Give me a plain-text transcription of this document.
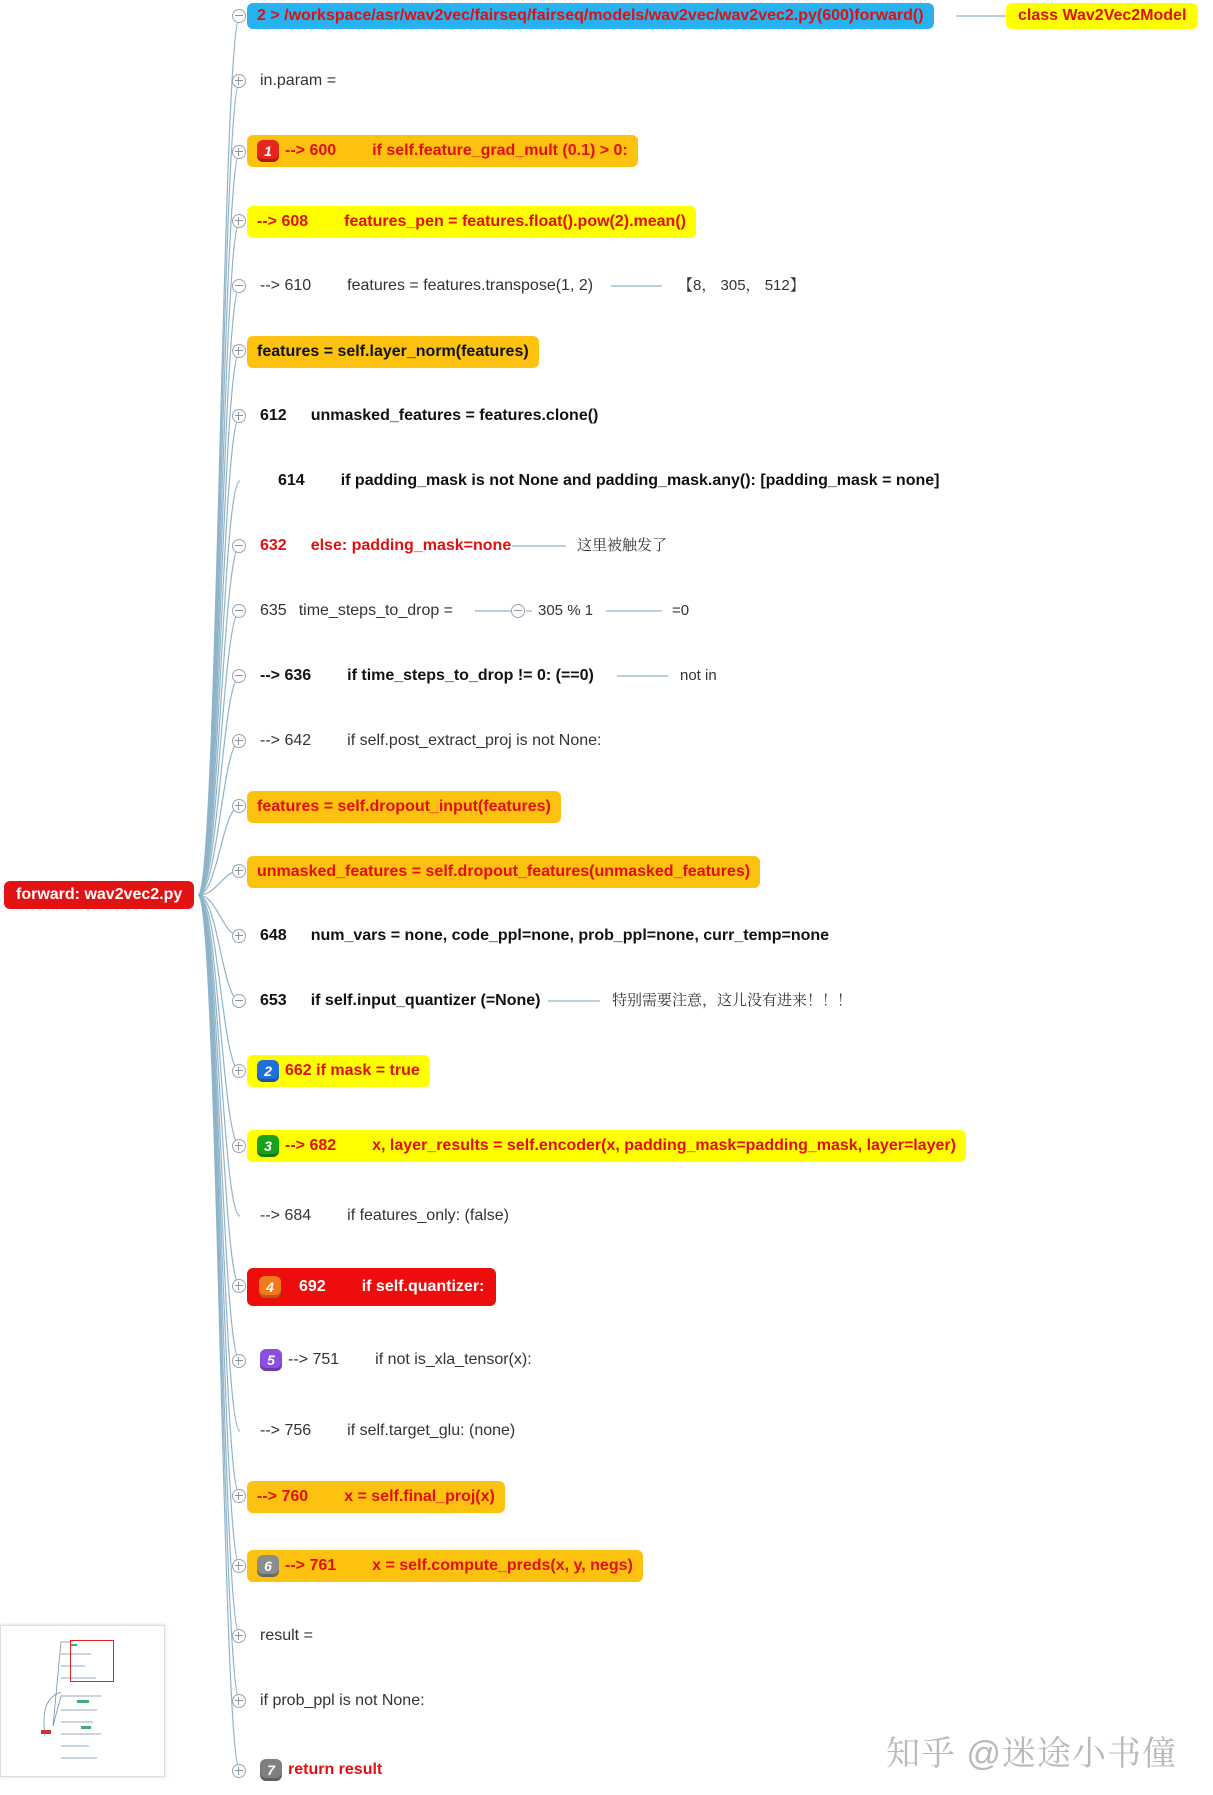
forward: wav2vec2.py
2 > /workspace/asr/wav2vec/fairseq/fairseq/models/wav2vec/wav2vec2.py(600)forward()	class Wav2Vec2Model
in.param =
1 --> 600 if self.feature_grad_mult (0.1) > 0:
--> 608 features_pen = features.float().pow(2).mean()
--> 610 features = features.transpose(1, 2)	【8， 305， 512】
features = self.layer_norm(features)
612 unmasked_features = features.clone()
614 if padding_mask is not None and padding_mask.any(): [padding_mask = none]
632 else: padding_mask=none	这里被触发了
635 time_steps_to_drop =	305 % 1	=0
--> 636 if time_steps_to_drop != 0: (==0)	not in
--> 642 if self.post_extract_proj is not None:
features = self.dropout_input(features)
unmasked_features = self.dropout_features(unmasked_features)
648 num_vars = none, code_ppl=none, prob_ppl=none, curr_temp=none
653 if self.input_quantizer (=None)	特别需要注意，这儿没有进来！！！
2 662 if mask = true
3 --> 682 x, layer_results = self.encoder(x, padding_mask=padding_mask, layer=layer)
--> 684 if features_only: (false)
4 692 if self.quantizer:
5 --> 751 if not is_xla_tensor(x):
--> 756 if self.target_glu: (none)
--> 760 x = self.final_proj(x)
6 --> 761 x = self.compute_preds(x, y, negs)
result =
if prob_ppl is not None:
7 return result	知乎 @迷途小书僮
